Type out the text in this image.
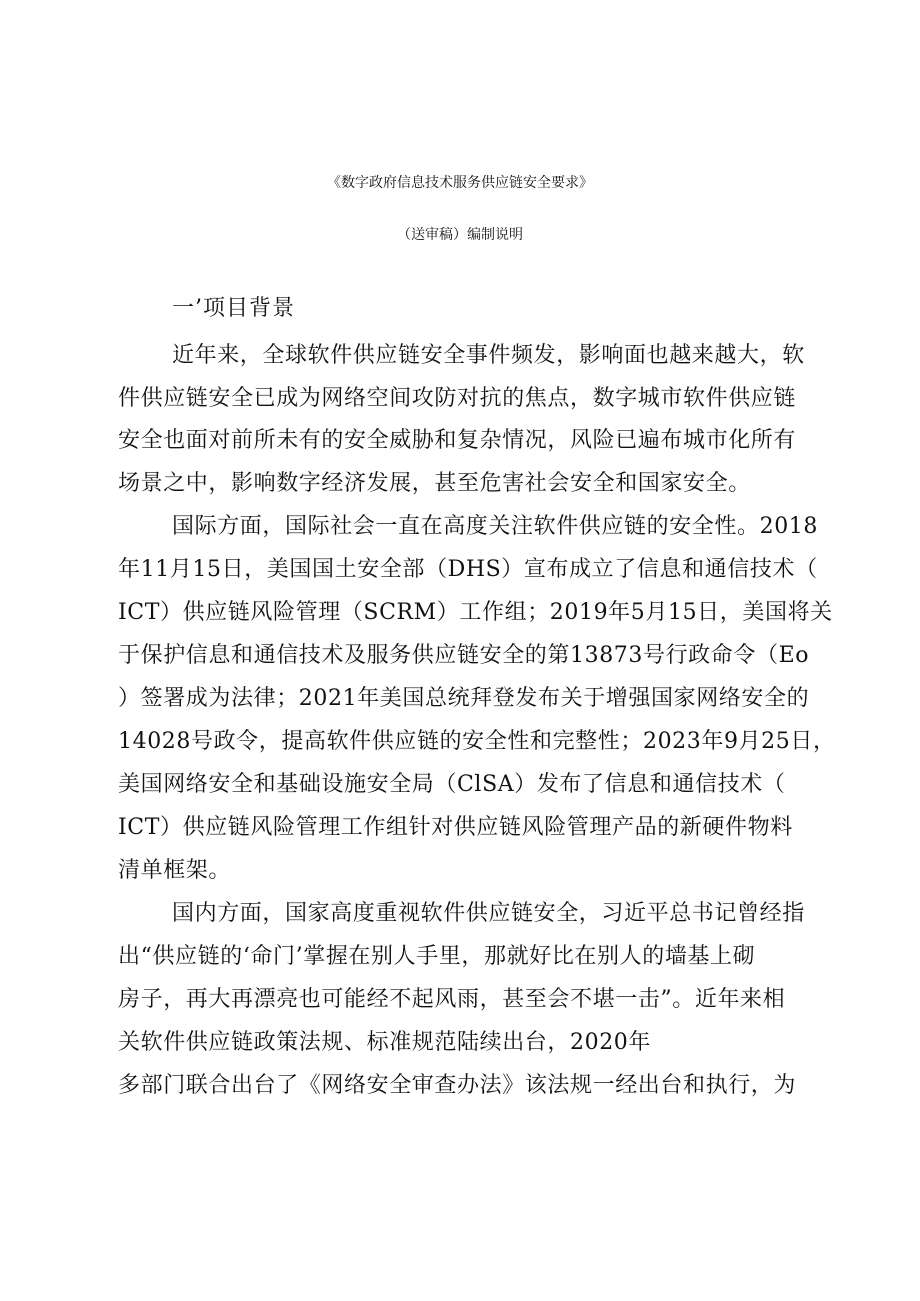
《数字政府信息技术服务供应链安全要求》
（送审稿）编制说明
一’项目背景
近年来，全球软件供应链安全事件频发，影响面也越来越大，软
件供应链安全已成为网络空间攻防对抗的焦点，数字城市软件供应链
安全也面对前所未有的安全威胁和复杂情况，风险已遍布城市化所有
场景之中，影响数字经济发展，甚至危害社会安全和国家安全。
国际方面，国际社会一直在高度关注软件供应链的安全性。2018
年11月15日，美国国土安全部（DHS）宣布成立了信息和通信技术（
ICT）供应链风险管理（SCRM）工作组；2019年5月15日，美国将关
于保护信息和通信技术及服务供应链安全的第13873号行政命令（Eo
）签署成为法律；2021年美国总统拜登发布关于增强国家网络安全的
14028号政令，提高软件供应链的安全性和完整性；2023年9月25日，
美国网络安全和基础设施安全局（ClSA）发布了信息和通信技术（
ICT）供应链风险管理工作组针对供应链风险管理产品的新硬件物料
清单框架。
国内方面，国家高度重视软件供应链安全，习近平总书记曾经指
出“供应链的‘命门’掌握在别人手里，那就好比在别人的墙基上砌
房子，再大再漂亮也可能经不起风雨，甚至会不堪一击”。近年来相
关软件供应链政策法规、标准规范陆续出台，2020年
多部门联合出台了《网络安全审查办法》该法规一经出台和执行，为
